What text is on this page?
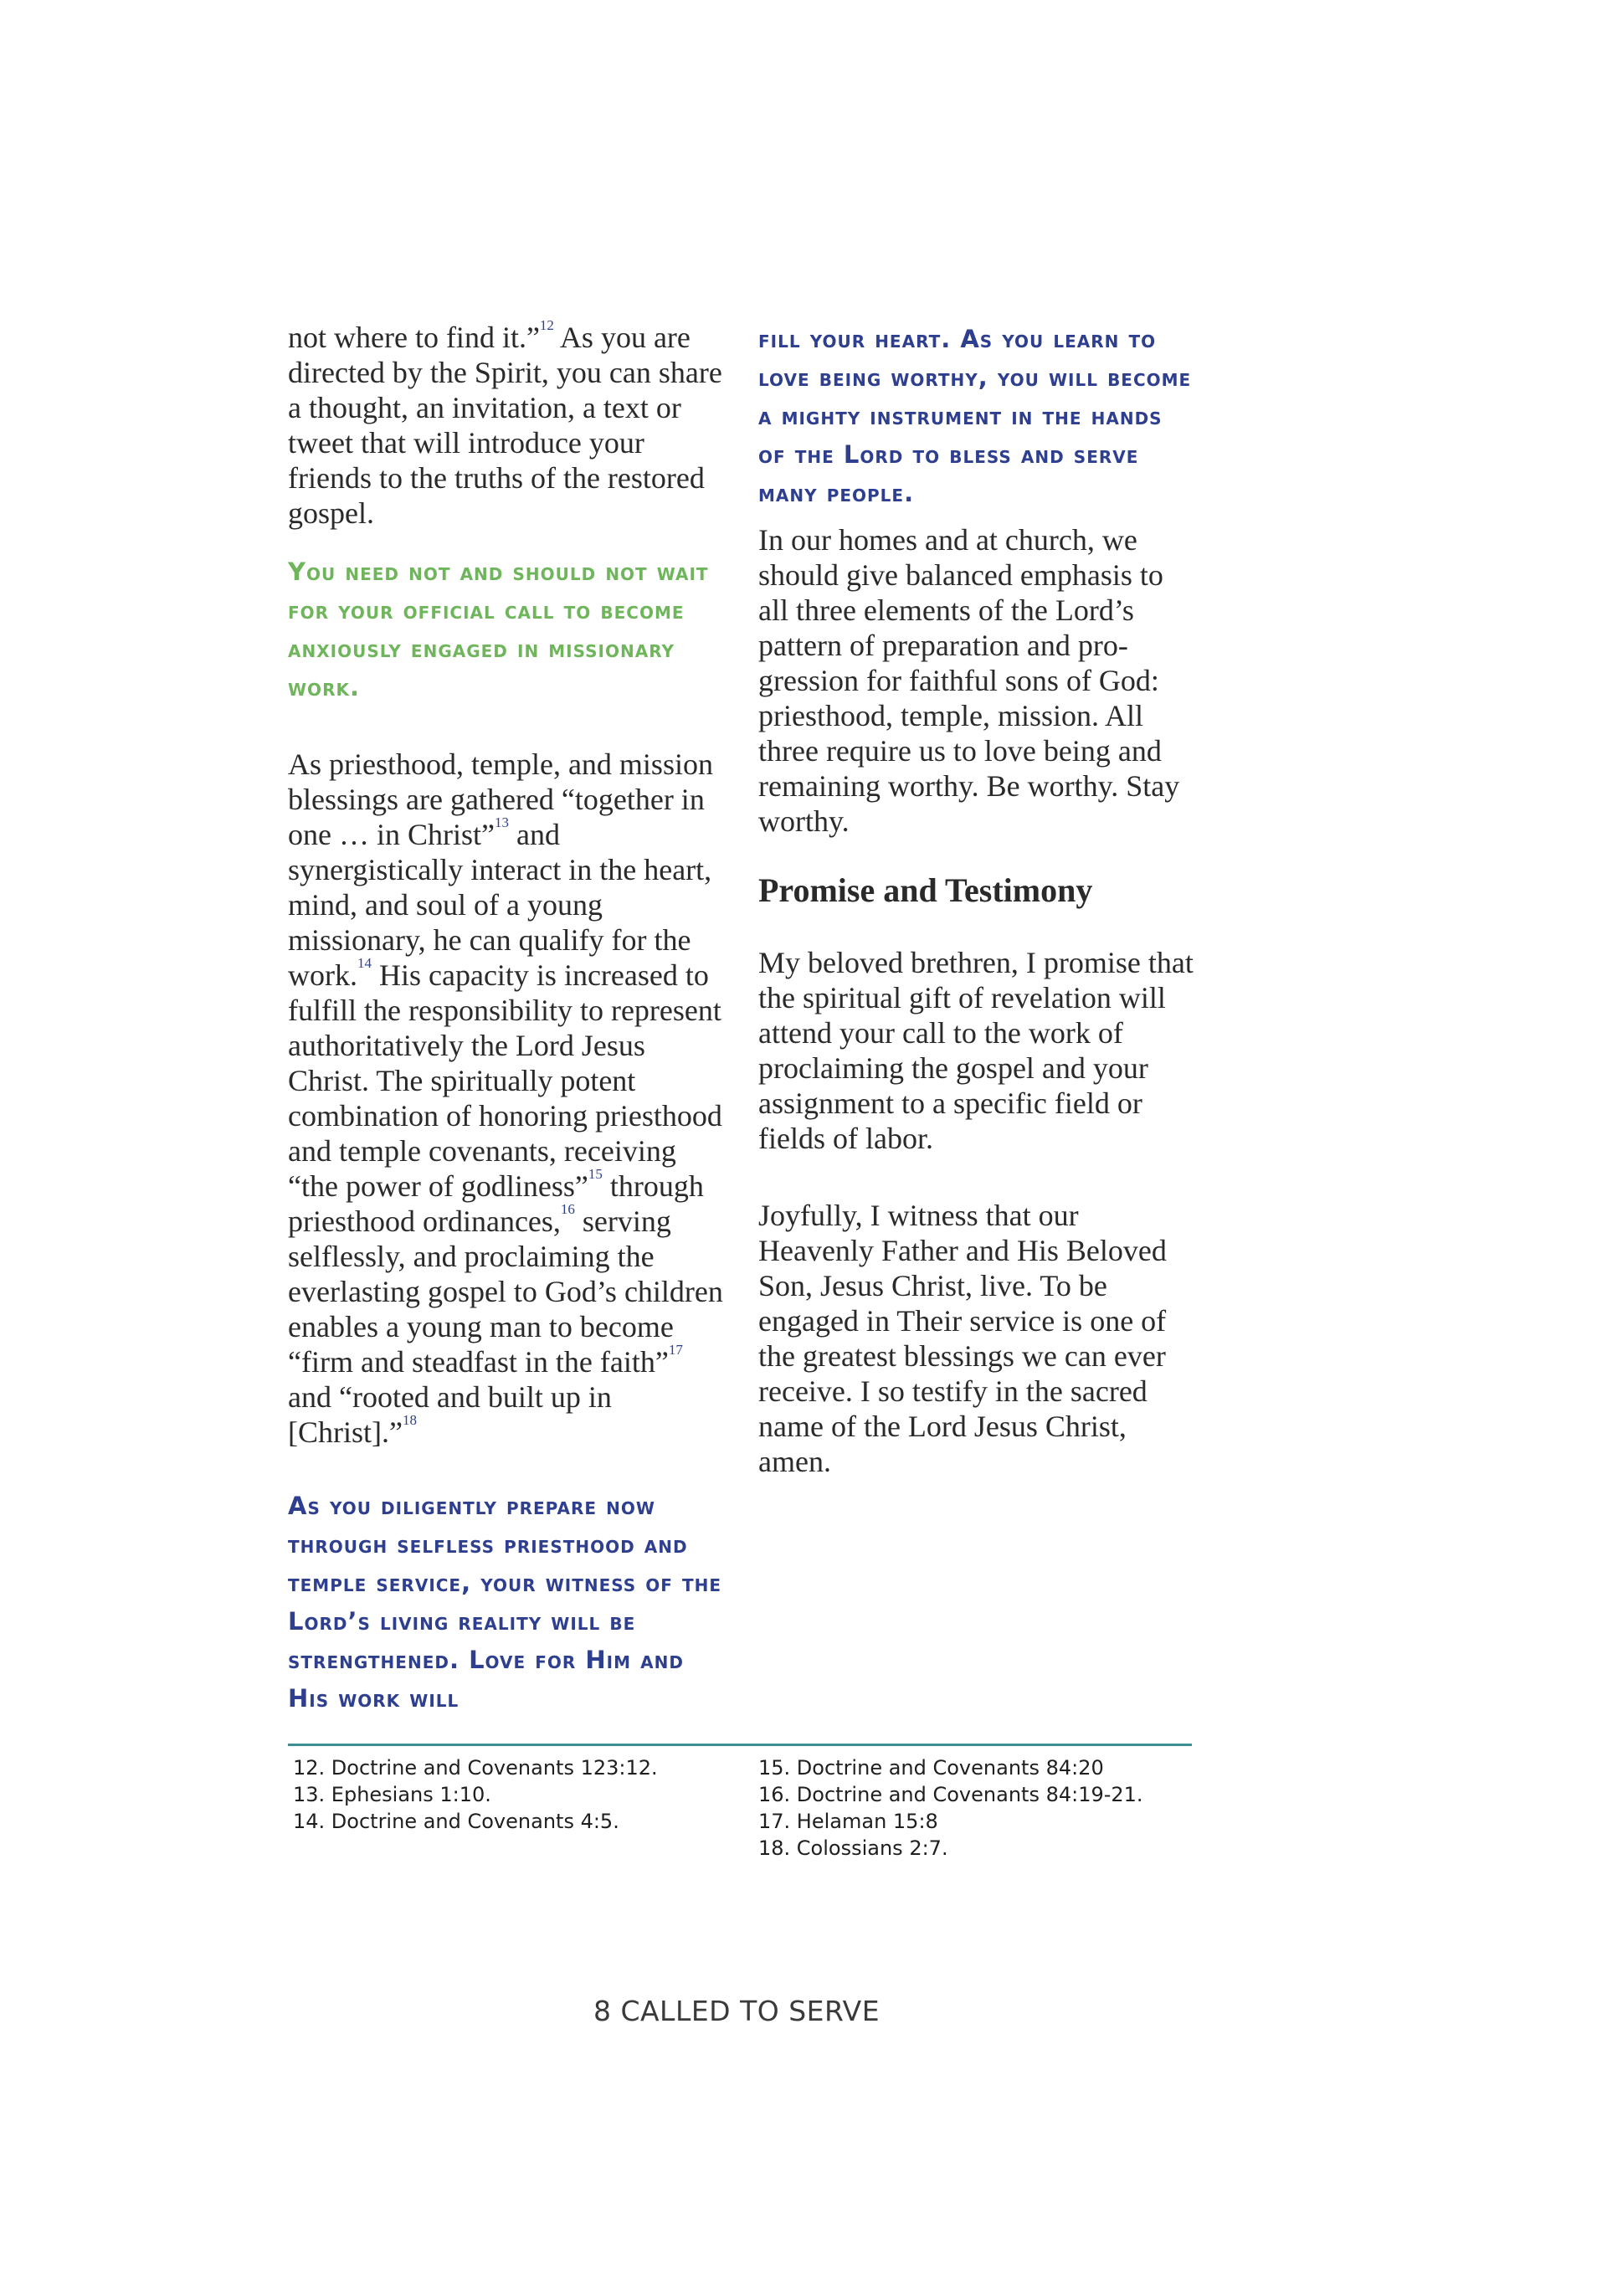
not where to find it.”$^{12}$ As you are directed by the Spirit, you can share a thought, an invitation, a text or tweet that will introduce your friends to the truths of the restored gospel.

You need not and should not wait for your official call to become anxiously engaged in missionary work.

As priesthood, temple, and mission blessings are gathered “together in one … in Christ”$^{13}$ and synergistically interact in the heart, mind, and soul of a young missionary, he can qualify for the work.$^{14}$ His capacity is increased to fulfill the responsibility to represent authoritatively the Lord Jesus Christ. The spiritually potent combination of honoring priesthood and temple covenants, receiving “the power of godliness”$^{15}$ through priesthood ordinances,$^{16}$ serving selflessly, and proclaiming the everlasting gospel to God’s children enables a young man to become “firm and steadfast in the faith”$^{17}$ and “rooted and built up in [Christ].”$^{18}$

As you diligently prepare now through selfless priesthood and temple service, your witness of the Lord’s living reality will be strengthened. Love for Him and His work will

fill your heart. As you learn to love being worthy, you will become a mighty instrument in the hands of the Lord to bless and serve many people.

In our homes and at church, we should give balanced emphasis to all three elements of the Lord’s pattern of preparation and progression for faithful sons of God: priesthood, temple, mission. All three require us to love being and remaining worthy. Be worthy. Stay worthy.

Promise and Testimony

My beloved brethren, I promise that the spiritual gift of revelation will attend your call to the work of proclaiming the gospel and your assignment to a specific field or fields of labor.

Joyfully, I witness that our Heavenly Father and His Beloved Son, Jesus Christ, live. To be engaged in Their service is one of the greatest blessings we can ever receive. I so testify in the sacred name of the Lord Jesus Christ, amen.

12. Doctrine and Covenants 123:12.
13. Ephesians 1:10.
14. Doctrine and Covenants 4:5.
15. Doctrine and Covenants 84:20
16. Doctrine and Covenants 84:19-21.
17. Helaman 15:8
18. Colossians 2:7.
8 CALLED TO SERVE
